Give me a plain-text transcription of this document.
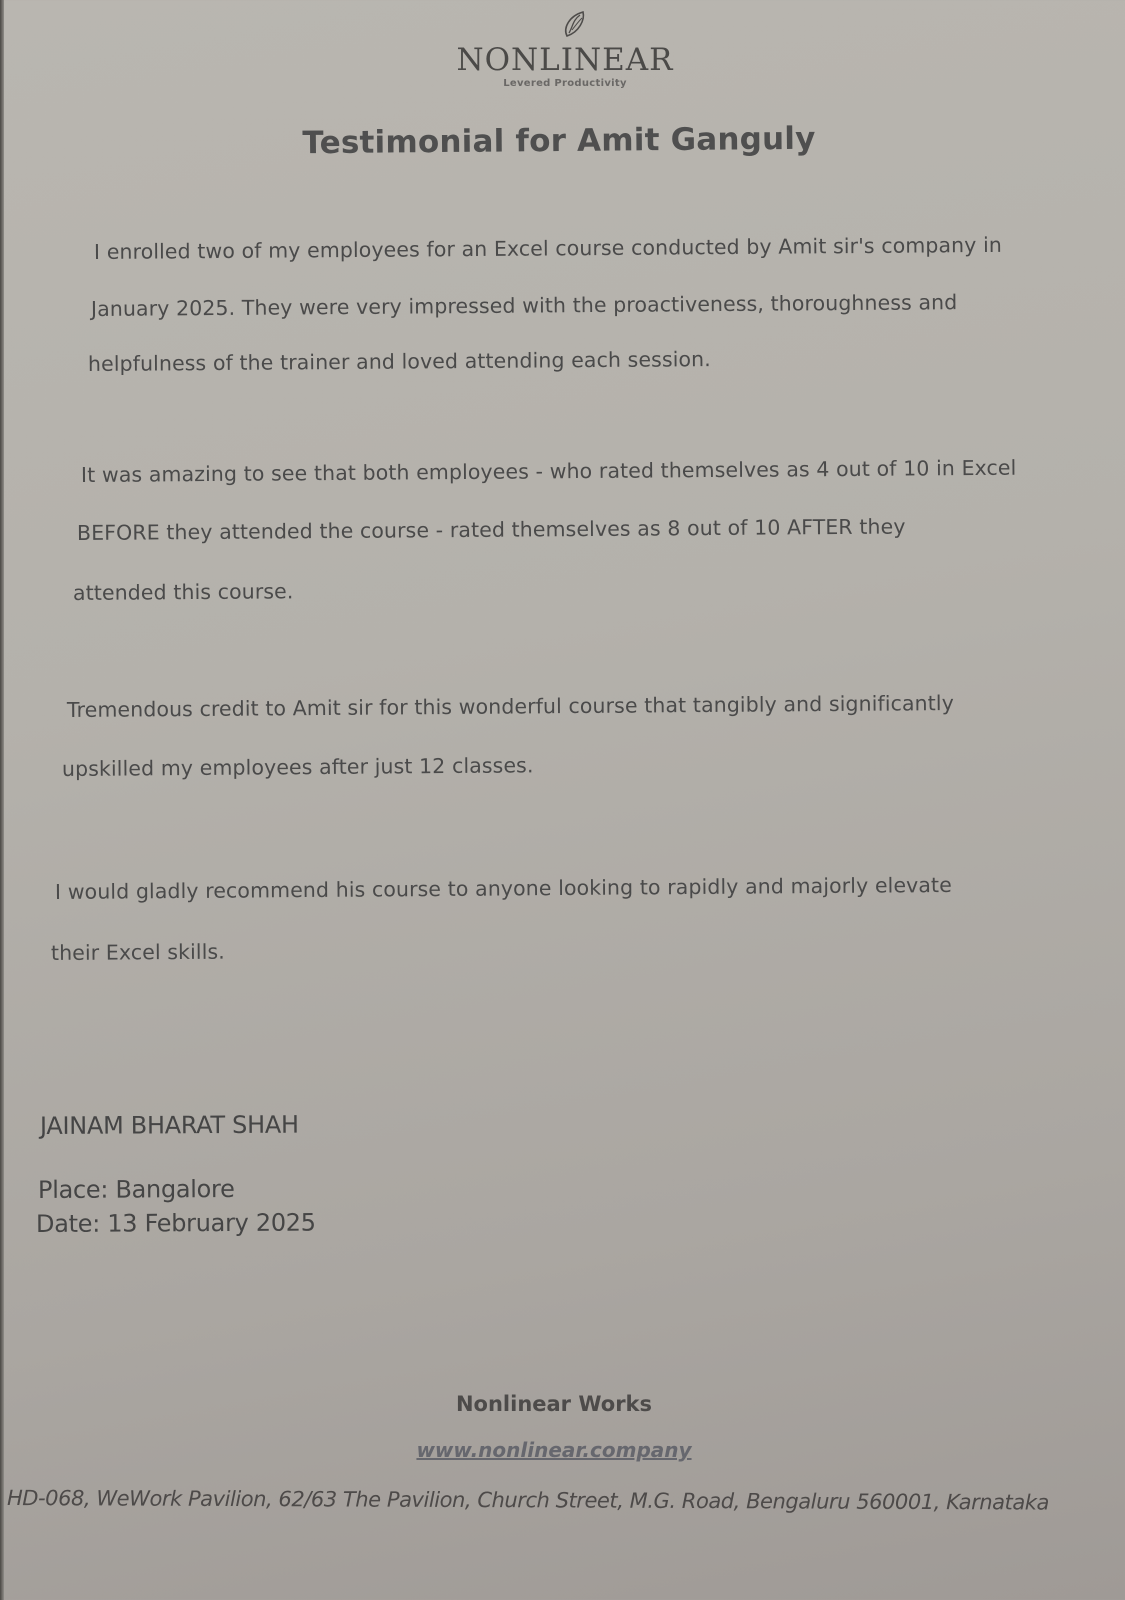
NONLINEAR
Levered Productivity
Testimonial for Amit Ganguly
I enrolled two of my employees for an Excel course conducted by Amit sir's company in
January 2025. They were very impressed with the proactiveness, thoroughness and
helpfulness of the trainer and loved attending each session.
It was amazing to see that both employees - who rated themselves as 4 out of 10 in Excel
BEFORE they attended the course - rated themselves as 8 out of 10 AFTER they
attended this course.
Tremendous credit to Amit sir for this wonderful course that tangibly and significantly
upskilled my employees after just 12 classes.
I would gladly recommend his course to anyone looking to rapidly and majorly elevate
their Excel skills.
JAINAM BHARAT SHAH
Place: Bangalore
Date: 13 February 2025
Nonlinear Works
www.nonlinear.company
HD-068, WeWork Pavilion, 62/63 The Pavilion, Church Street, M.G. Road, Bengaluru 560001, Karnataka
